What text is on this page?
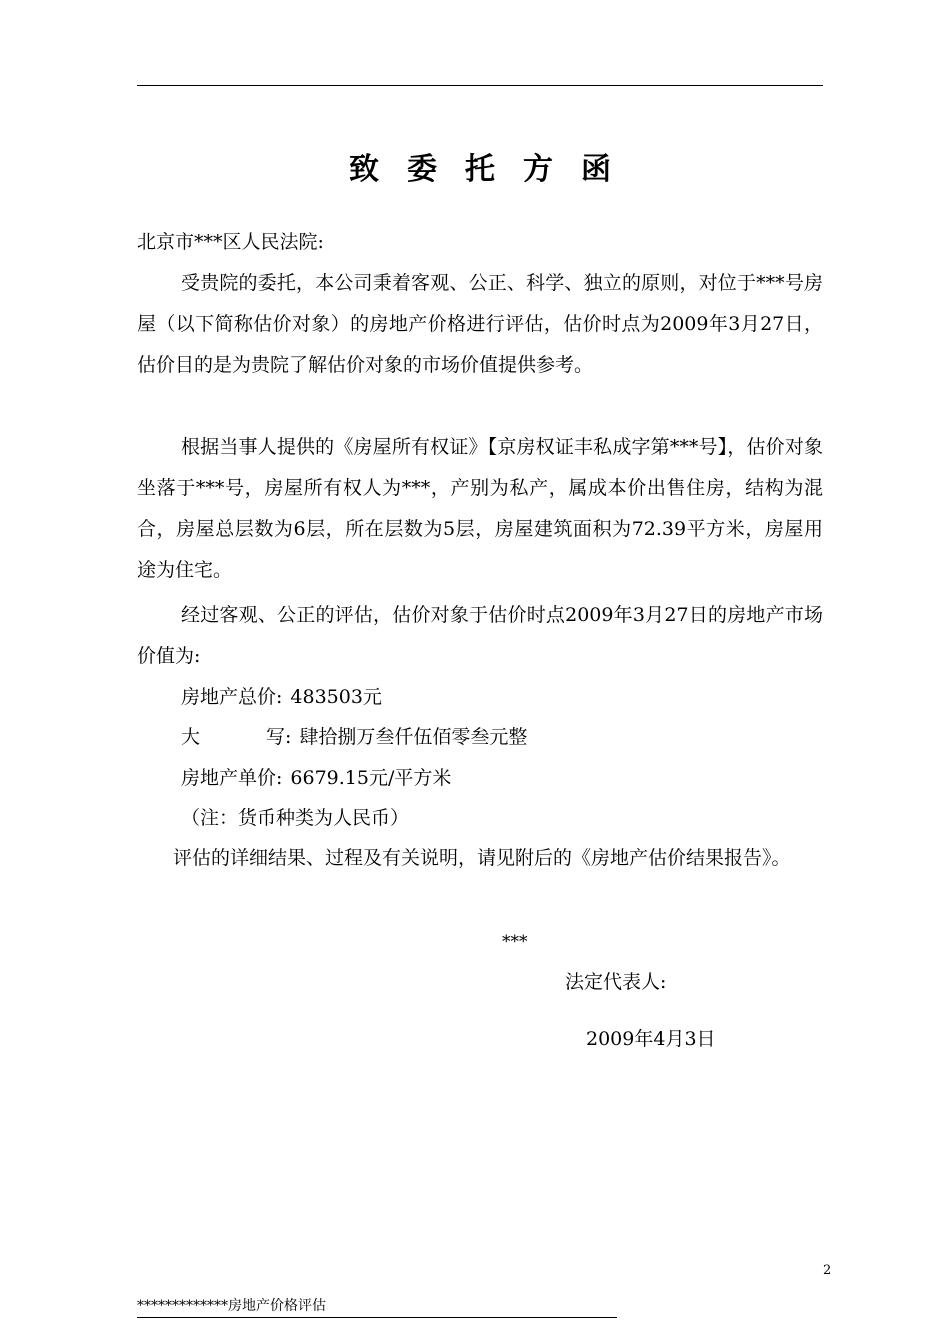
致委托方函
北京市***区人民法院:
受贵院的委托，本公司秉着客观、公正、科学、独立的原则，对位于***号房屋（以下简称估价对象）的房地产价格进行评估，估价时点为2009年3月27日，估价目的是为贵院了解估价对象的市场价值提供参考。
根据当事人提供的《房屋所有权证》【京房权证丰私成字第***号】，估价对象坐落于***号，房屋所有权人为***，产别为私产，属成本价出售住房，结构为混合，房屋总层数为6层，所在层数为5层，房屋建筑面积为72.39平方米，房屋用途为住宅。
经过客观、公正的评估，估价对象于估价时点2009年3月27日的房地产市场价值为:
房地产总价: 483503元
大	写: 肆拾捌万叁仟伍佰零叁元整
房地产单价: 6679.15元/平方米
（注：货币种类为人民币）
评估的详细结果、过程及有关说明，请见附后的《房地产估价结果报告》。
***
法定代表人:
2009年4月3日
2
*************房地产价格评估
